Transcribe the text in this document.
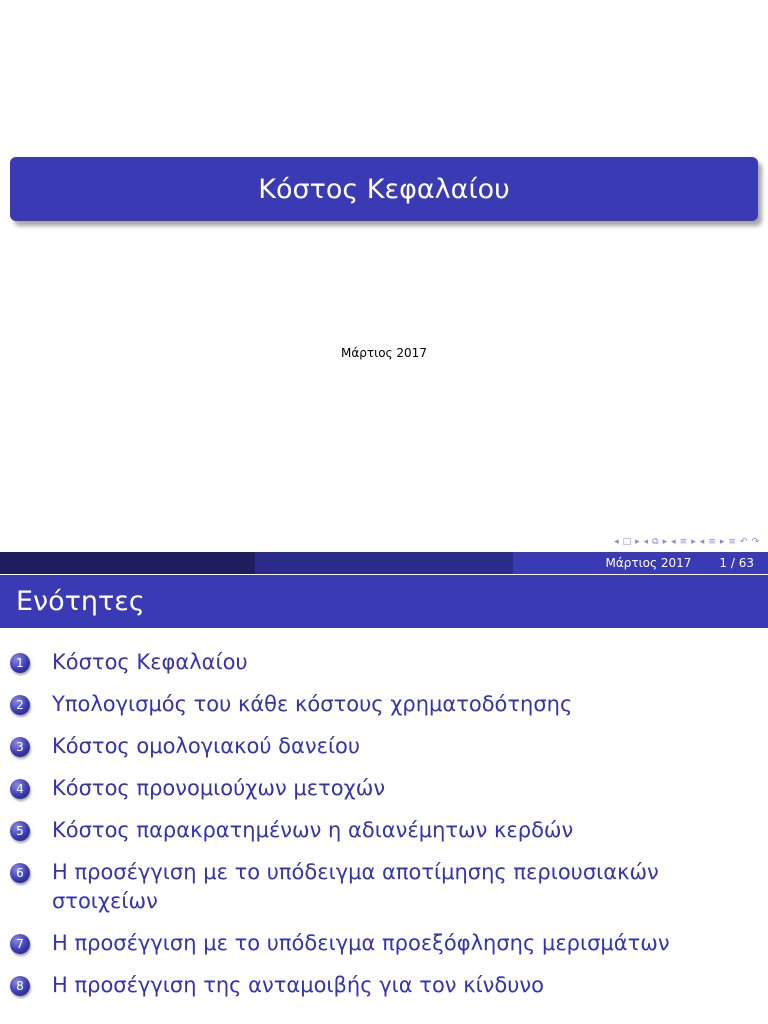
Κόστος Κεφαλαίου
Μάρτιος 2017
◂ □ ▸ ◂ ⧉ ▸ ◂ ≡ ▸ ◂ ≡ ▸ ≡ ↶ ↷
Μάρτιος 2017 1 / 63
Ενότητες
1 Κόστος Κεφαλαίου
2 Υπολογισμός του κάθε κόστους χρηματοδότησης
3 Κόστος ομολογιακού δανείου
4 Κόστος προνομιούχων μετοχών
5 Κόστος παρακρατημένων η αδιανέμητων κερδών
6 Η προσέγγιση με το υπόδειγμα αποτίμησης περιουσιακών στοιχείων
7 Η προσέγγιση με το υπόδειγμα προεξόφλησης μερισμάτων
8 Η προσέγγιση της ανταμοιβής για τον κίνδυνο
